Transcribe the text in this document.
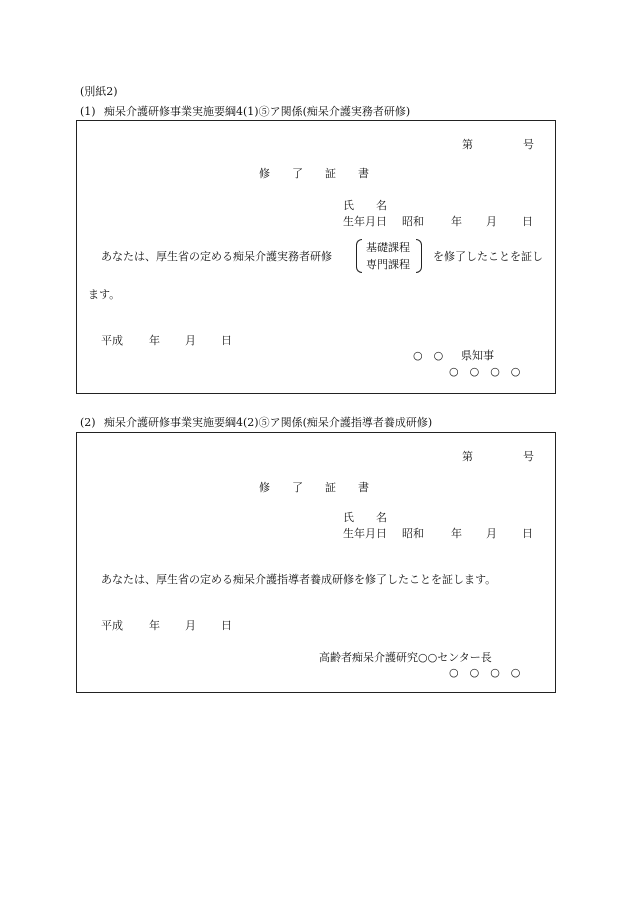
(別紙2)
(1) 痴呆介護研修事業実施要綱4(1)⑤ア関係(痴呆介護実務者研修)
第	号
修　　了　　証　　書
氏　　名
生年月日 昭和 年 月 日
あなたは、厚生省の定める痴呆介護実務者研修
基礎課程
専門課程
を修了したことを証し
ます。
平成 年 月 日
○　○ 県知事
○　○　○　○
(2) 痴呆介護研修事業実施要綱4(2)⑤ア関係(痴呆介護指導者養成研修)
第	号
修　　了　　証　　書
氏　　名
生年月日 昭和 年 月 日
あなたは、厚生省の定める痴呆介護指導者養成研修を修了したことを証します。
平成 年 月 日
高齢者痴呆介護研究○○センター長
○　○　○　○
